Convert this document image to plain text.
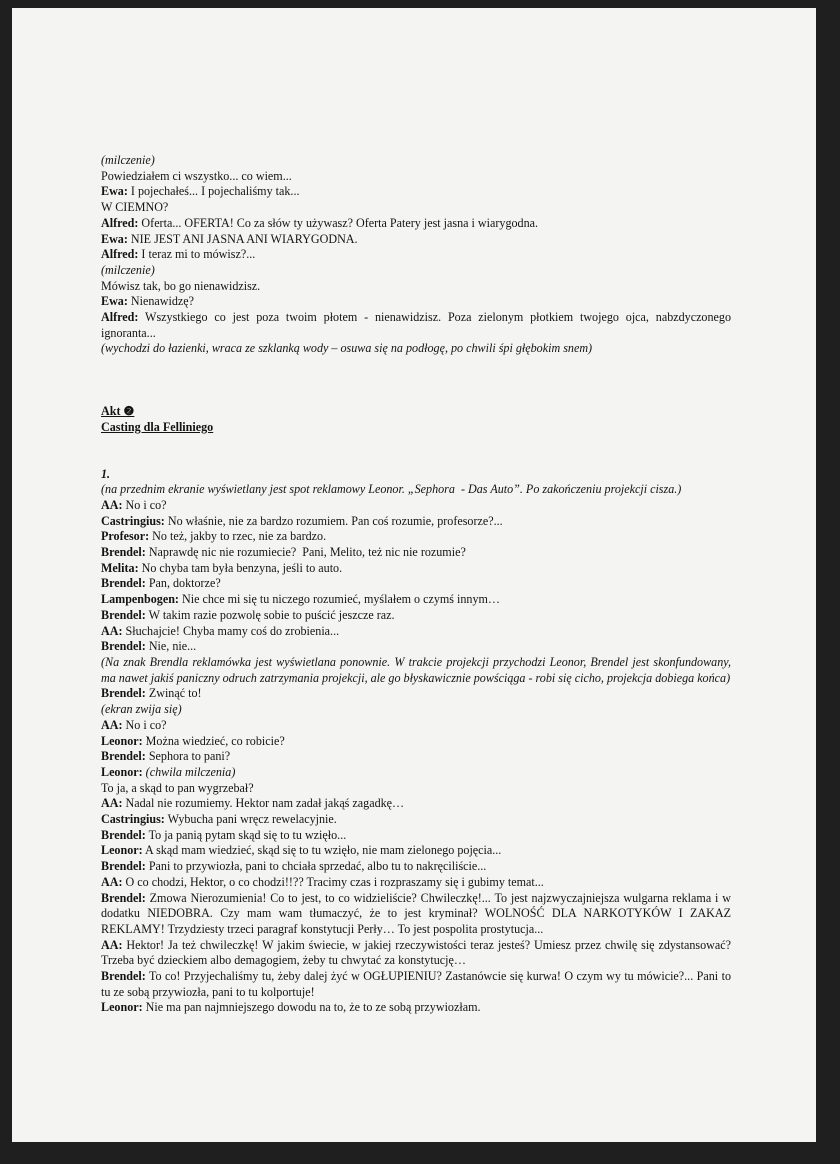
(milczenie)
Powiedziałem ci wszystko... co wiem...
Ewa: I pojechałeś... I pojechaliśmy tak...
W CIEMNO?
Alfred: Oferta... OFERTA! Co za słów ty używasz? Oferta Patery jest jasna i wiarygodna.
Ewa: NIE JEST ANI JASNA ANI WIARYGODNA.
Alfred: I teraz mi to mówisz?...
(milczenie)
Mówisz tak, bo go nienawidzisz.
Ewa: Nienawidzę?
Alfred: Wszystkiego co jest poza twoim płotem - nienawidzisz. Poza zielonym płotkiem twojego ojca, nabzdyczonego ignoranta...
(wychodzi do łazienki, wraca ze szklanką wody – osuwa się na podłogę, po chwili śpi głębokim snem)
Akt ❷
Casting dla Felliniego
1.
(na przednim ekranie wyświetlany jest spot reklamowy Leonor. „Sephora  - Das Auto”. Po zakończeniu projekcji cisza.)
AA: No i co?
Castringius: No właśnie, nie za bardzo rozumiem. Pan coś rozumie, profesorze?...
Profesor: No też, jakby to rzec, nie za bardzo.
Brendel: Naprawdę nic nie rozumiecie?  Pani, Melito, też nic nie rozumie?
Melita: No chyba tam była benzyna, jeśli to auto.
Brendel: Pan, doktorze?
Lampenbogen: Nie chce mi się tu niczego rozumieć, myślałem o czymś innym…
Brendel: W takim razie pozwolę sobie to puścić jeszcze raz.
AA: Słuchajcie! Chyba mamy coś do zrobienia...
Brendel: Nie, nie...
(Na znak Brendla reklamówka jest wyświetlana ponownie. W trakcie projekcji przychodzi Leonor, Brendel jest skonfundowany, ma nawet jakiś paniczny odruch zatrzymania projekcji, ale go błyskawicznie powściąga - robi się cicho, projekcja dobiega końca)
Brendel: Zwinąć to!
(ekran zwija się)
AA: No i co?
Leonor: Można wiedzieć, co robicie?
Brendel: Sephora to pani?
Leonor: (chwila milczenia)
To ja, a skąd to pan wygrzebał?
AA: Nadal nie rozumiemy. Hektor nam zadał jakąś zagadkę…
Castringius: Wybucha pani wręcz rewelacyjnie.
Brendel: To ja panią pytam skąd się to tu wzięło...
Leonor: A skąd mam wiedzieć, skąd się to tu wzięło, nie mam zielonego pojęcia...
Brendel: Pani to przywiozła, pani to chciała sprzedać, albo tu to nakręciliście...
AA: O co chodzi, Hektor, o co chodzi!!?? Tracimy czas i rozpraszamy się i gubimy temat...
Brendel: Zmowa Nierozumienia! Co to jest, to co widzieliście? Chwileczkę!... To jest najzwyczajniejsza wulgarna reklama i w dodatku NIEDOBRA. Czy mam wam tłumaczyć, że to jest kryminał? WOLNOŚĆ DLA NARKOTYKÓW I ZAKAZ REKLAMY! Trzydziesty trzeci paragraf konstytucji Perły… To jest pospolita prostytucja...
AA: Hektor! Ja też chwileczkę! W jakim świecie, w jakiej rzeczywistości teraz jesteś? Umiesz przez chwilę się zdystansować? Trzeba być dzieckiem albo demagogiem, żeby tu chwytać za konstytucję…
Brendel: To co! Przyjechaliśmy tu, żeby dalej żyć w OGŁUPIENIU? Zastanówcie się kurwa! O czym wy tu mówicie?... Pani to tu ze sobą przywiozła, pani to tu kolportuje!
Leonor: Nie ma pan najmniejszego dowodu na to, że to ze sobą przywiozłam.
